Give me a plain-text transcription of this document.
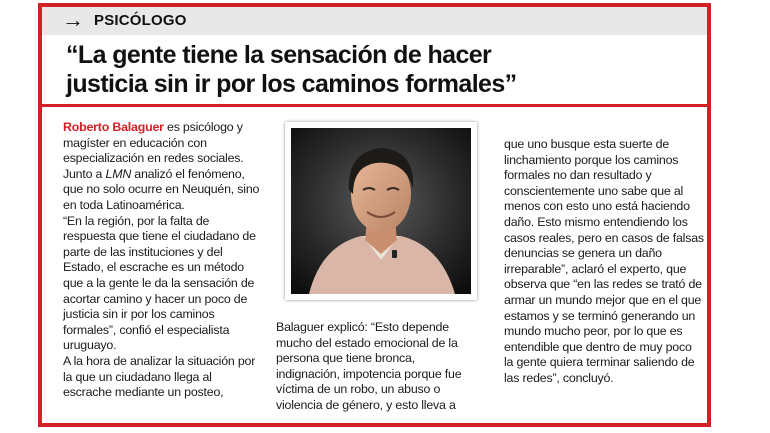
→ PSICÓLOGO
“La gente tiene la sensación de hacer
justicia sin ir por los caminos formales”

Roberto Balaguer es psicólogo y magíster en educación con especialización en redes sociales.

Junto a LMN analizó el fenómeno, que no solo ocurre en Neuquén, sino en toda Latinoamérica.

“En la región, por la falta de respuesta que tiene el ciudadano de parte de las instituciones y del Estado, el escrache es un método que a la gente le da la sensación de acortar camino y hacer un poco de justicia sin ir por los caminos formales”, confió el especialista uruguayo.

A la hora de analizar la situación por la que un ciudadano llega al escrache mediante un posteo,

Balaguer explicó: “Esto depende mucho del estado emocional de la persona que tiene bronca, indignación, impotencia porque fue víctima de un robo, un abuso o violencia de género, y esto lleva a

que uno busque esta suerte de linchamiento porque los caminos formales no dan resultado y conscientemente uno sabe que al menos con esto uno está haciendo daño. Esto mismo entendiendo los casos reales, pero en casos de falsas denuncias se genera un daño irreparable”, aclaró el experto, que observa que “en las redes se trató de armar un mundo mejor que en el que estamos y se terminó generando un mundo mucho peor, por lo que es entendible que dentro de muy poco la gente quiera terminar saliendo de las redes”, concluyó.
